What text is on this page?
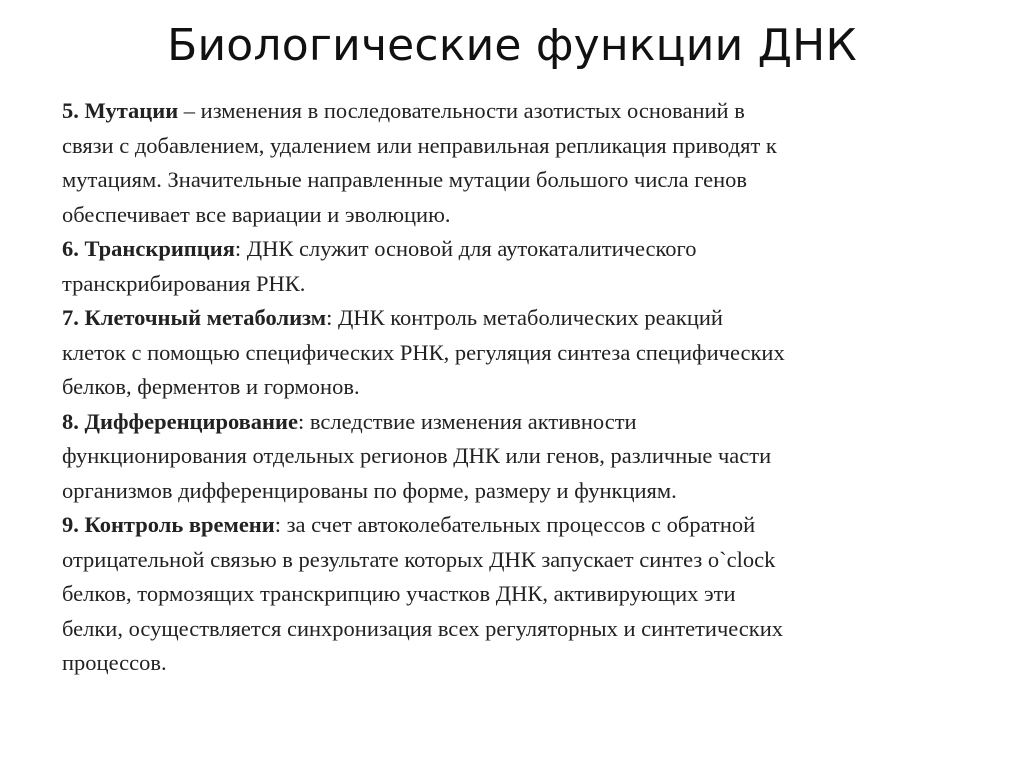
Биологические функции ДНК
5. Мутации – изменения в последовательности азотистых оснований в
связи с добавлением, удалением или неправильная репликация приводят к
мутациям. Значительные направленные мутации большого числа генов
обеспечивает все вариации и эволюцию.
6. Транскрипция: ДНК служит основой для аутокаталитического
транскрибирования РНК.
7. Клеточный метаболизм: ДНК контроль метаболических реакций
клеток с помощью специфических РНК, регуляция синтеза специфических
белков, ферментов и гормонов.
8. Дифференцирование: вследствие изменения активности
функционирования отдельных регионов ДНК или генов, различные части
организмов дифференцированы по форме, размеру и функциям.
9. Контроль времени: за счет автоколебательных процессов с обратной
отрицательной связью в результате которых ДНК запускает синтез o`clock
белков, тормозящих транскрипцию участков ДНК, активирующих эти
белки, осуществляется синхронизация всех регуляторных и синтетических
процессов.
